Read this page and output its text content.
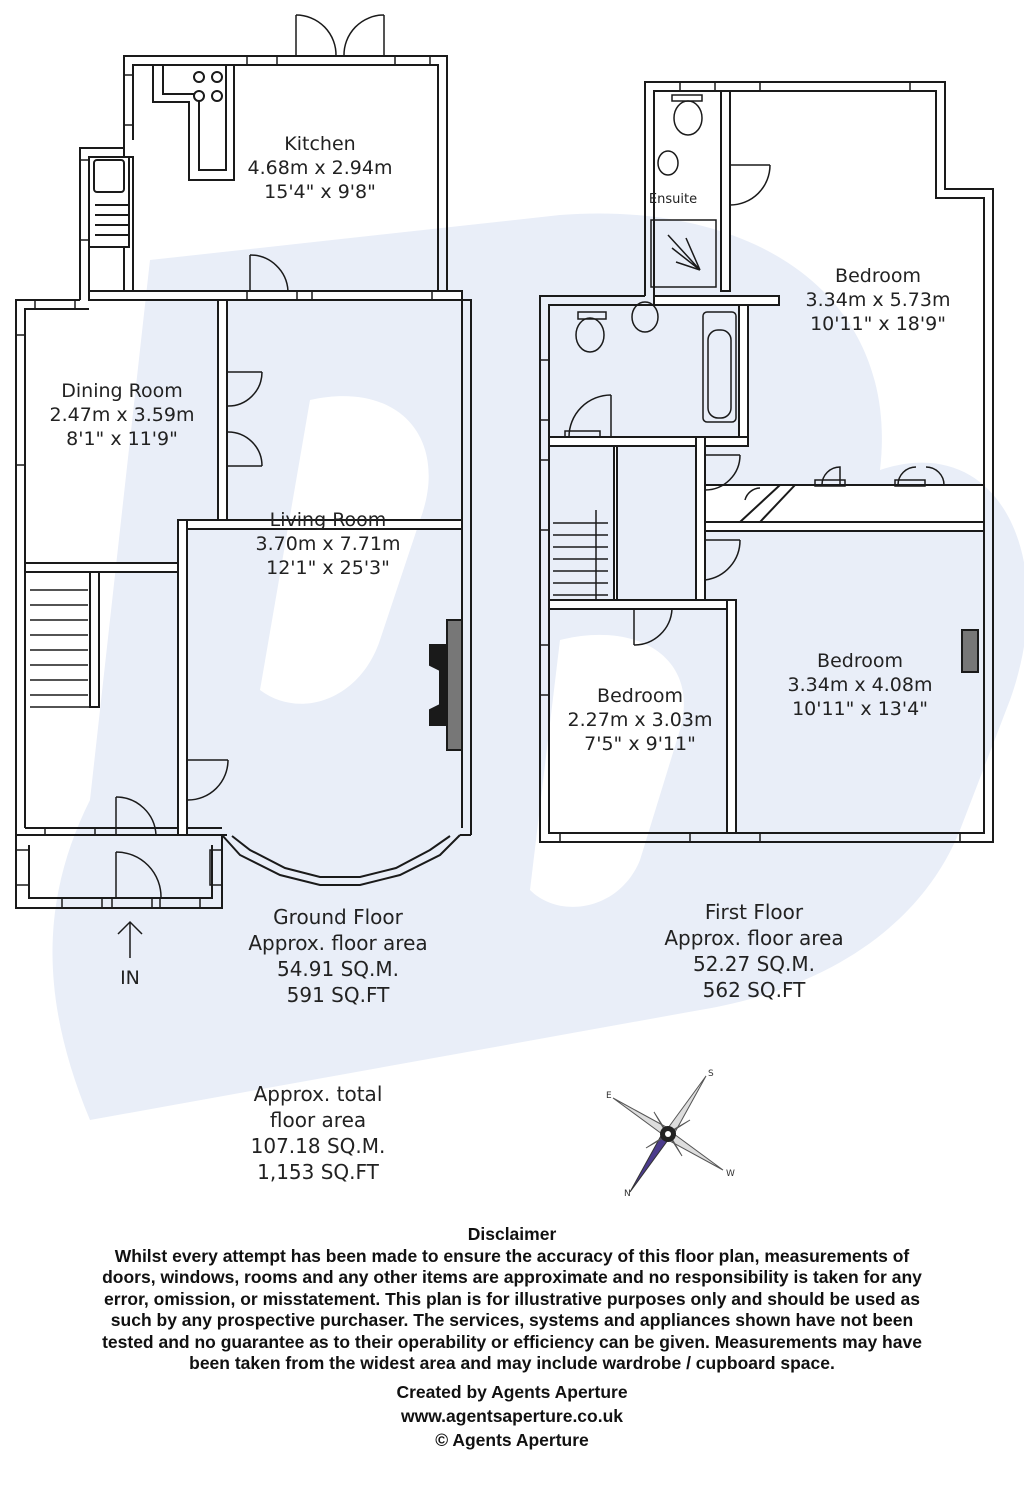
S
W
N
E
Kitchen
4.68m x 2.94m
15'4" x 9'8"
Dining Room
2.47m x 3.59m
8'1" x 11'9"
Living Room
3.70m x 7.71m
12'1" x 25'3"
Ensuite
Bedroom
3.34m x 5.73m
10'11" x 18'9"
Bedroom
3.34m x 4.08m
10'11" x 13'4"
Bedroom
2.27m x 3.03m
7'5" x 9'11"
IN
Ground Floor
Approx. floor area
54.91 SQ.M.
591 SQ.FT
First Floor
Approx. floor area
52.27 SQ.M.
562 SQ.FT
Approx. total
floor area
107.18 SQ.M.
1,153 SQ.FT
Disclaimer
Whilst every attempt has been made to ensure the accuracy of this floor plan, measurements of
doors, windows, rooms and any other items are approximate and no responsibility is taken for any
error, omission, or misstatement. This plan is for illustrative purposes only and should be used as
such by any prospective purchaser. The services, systems and appliances shown have not been
tested and no guarantee as to their operability or efficiency can be given. Measurements may have
been taken from the widest area and may include wardrobe / cupboard space.
Created by Agents Aperture
www.agentsaperture.co.uk
© Agents Aperture
